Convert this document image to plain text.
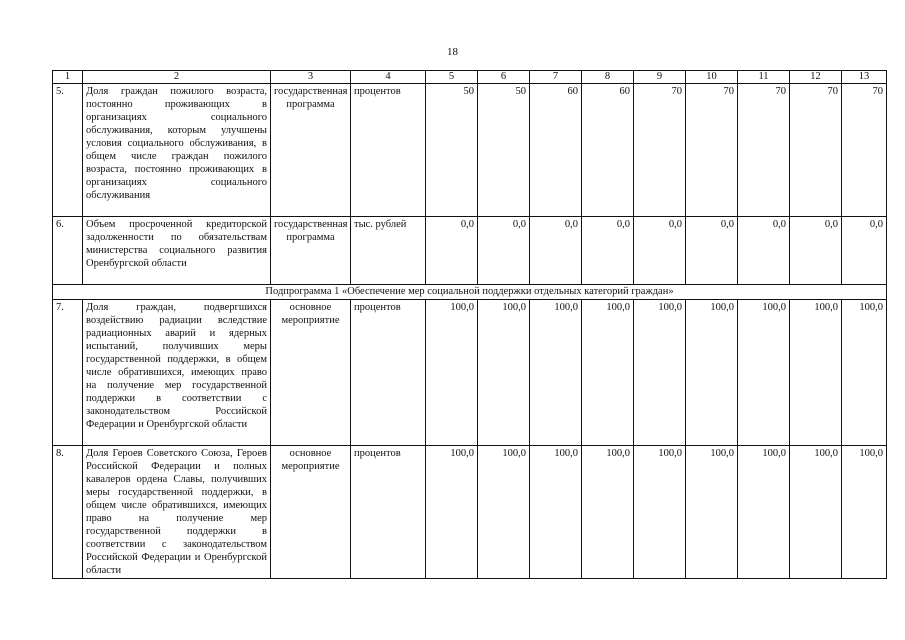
18
1	2	3	4	5	6	7	8	9	10	11	12	13
5.	Доля граждан пожилого возраста, постоянно проживающих в организациях социального обслуживания, которым улучшены условия социального обслуживания, в общем числе граждан пожилого возраста, постоянно проживающих в организациях социального обслуживания	государственная программа	процентов	50	50	60	60	70	70	70	70	70
6.	Объем просроченной кредиторской задолженности по обязательствам министерства социального развития Оренбургской области	государственная программа	тыс. рублей	0,0	0,0	0,0	0,0	0,0	0,0	0,0	0,0	0,0
Подпрограмма 1 «Обеспечение мер социальной поддержки отдельных категорий граждан»												
7.	Доля граждан, подвергшихся воздействию радиации вследствие радиационных аварий и ядерных испытаний, получивших меры государственной поддержки, в общем числе обратившихся, имеющих право на получение мер государственной поддержки в соответствии с законодательством Российской Федерации и Оренбургской области	основное мероприятие	процентов	100,0	100,0	100,0	100,0	100,0	100,0	100,0	100,0	100,0
8.	Доля Героев Советского Союза, Героев Российской Федерации и полных кавалеров ордена Славы, получивших меры государственной поддержки, в общем числе обратившихся, имеющих право на получение мер государственной поддержки в соответствии с законодательством Российской Федерации и Оренбургской области	основное мероприятие	процентов	100,0	100,0	100,0	100,0	100,0	100,0	100,0	100,0	100,0
